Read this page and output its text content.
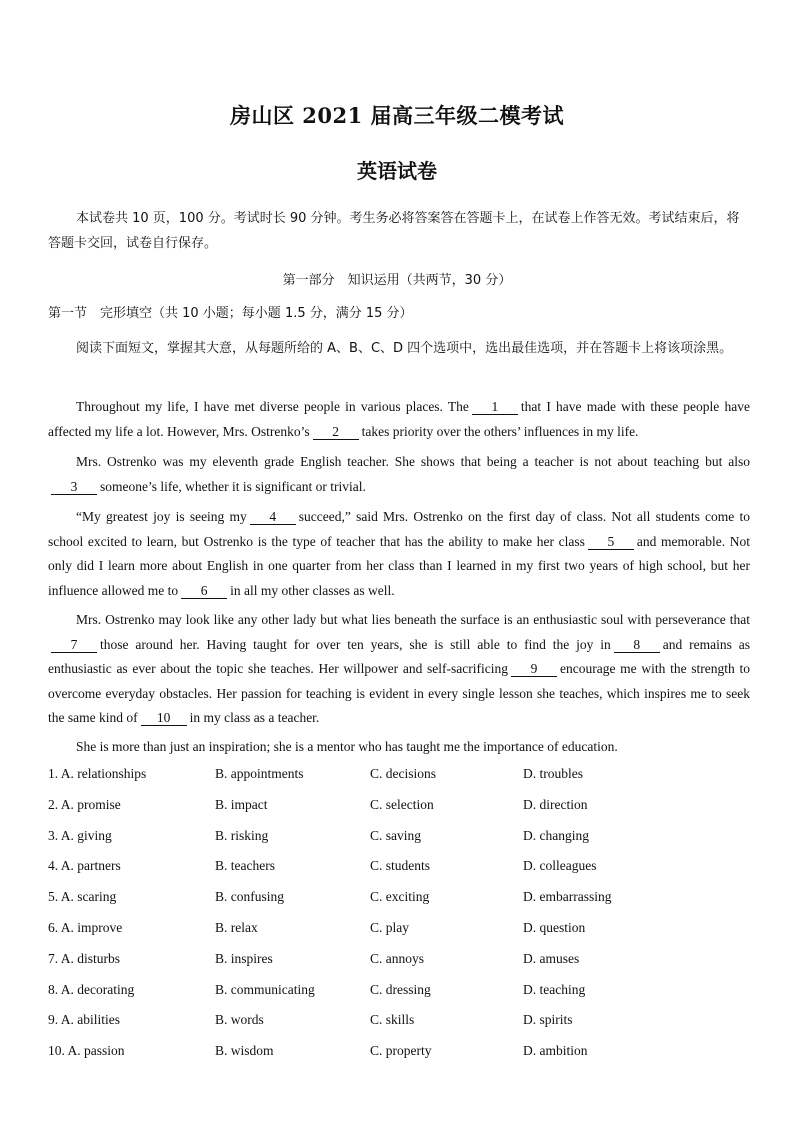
房山区 2021 届高三年级二模考试
英语试卷

本试卷共 10 页，100 分。考试时长 90 分钟。考生务必将答案答在答题卡上，在试卷上作答无效。考试结束后，将答题卡交回，试卷自行保存。

第一部分　知识运用（共两节，30 分）
第一节　完形填空（共 10 小题；每小题 1.5 分，满分 15 分）

阅读下面短文，掌握其大意，从每题所给的 A、B、C、D 四个选项中，选出最佳选项，并在答题卡上将该项涂黑。

Throughout my life, I have met diverse people in various places. The 1 that I have made with these people have affected my life a lot. However, Mrs. Ostrenko’s 2 takes priority over the others’ influences in my life.

Mrs. Ostrenko was my eleventh grade English teacher. She shows that being a teacher is not about teaching but also3 someone’s life, whether it is significant or trivial.

“My greatest joy is seeing my 4 succeed,” said Mrs. Ostrenko on the first day of class. Not all students come to school excited to learn, but Ostrenko is the type of teacher that has the ability to make her class 5 and memorable. Not only did I learn more about English in one quarter from her class than I learned in my first two years of high school, but her influence allowed me to 6 in all my other classes as well.

Mrs. Ostrenko may look like any other lady but what lies beneath the surface is an enthusiastic soul with perseverance that7 those around her. Having taught for over ten years, she is still able to find the joy in 8 and remains as enthusiastic as ever about the topic she teaches. Her willpower and self-sacrificing 9 encourage me with the strength to overcome everyday obstacles. Her passion for teaching is evident in every single lesson she teaches, which inspires me to seek the same kind of 10 in my class as a teacher.

She is more than just an inspiration; she is a mentor who has taught me the importance of education.

1. A. relationships	B. appointments	C. decisions	D. troubles
2. A. promise	B. impact	C. selection	D. direction
3. A. giving	B. risking	C. saving	D. changing
4. A. partners	B. teachers	C. students	D. colleagues
5. A. scaring	B. confusing	C. exciting	D. embarrassing
6. A. improve	B. relax	C. play	D. question
7. A. disturbs	B. inspires	C. annoys	D. amuses
8. A. decorating	B. communicating	C. dressing	D. teaching
9. A. abilities	B. words	C. skills	D. spirits
10. A. passion	B. wisdom	C. property	D. ambition
